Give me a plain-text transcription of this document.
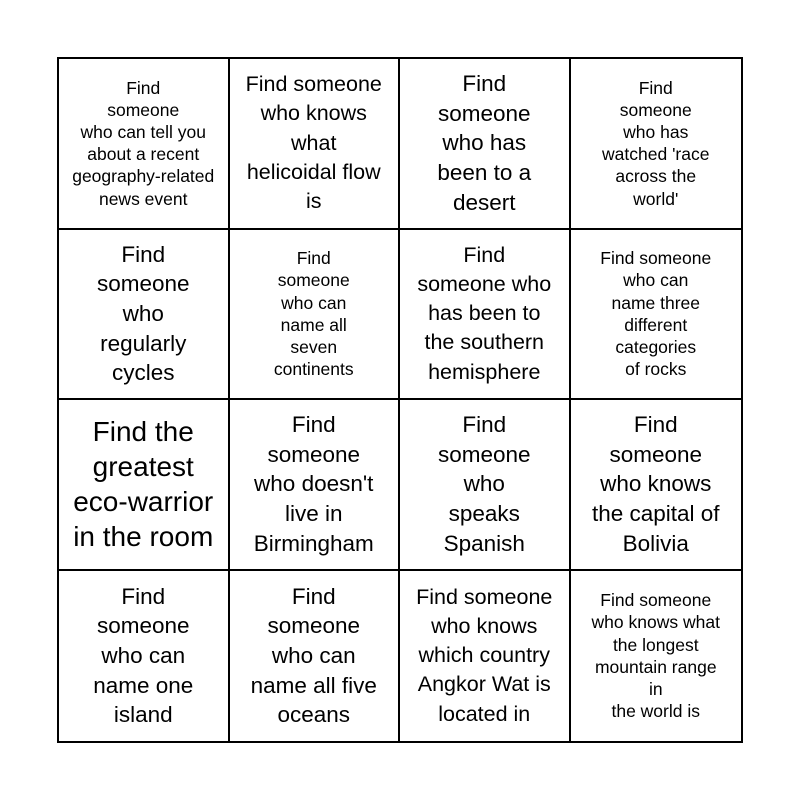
Find
someone
who can tell you
about a recent
geography-related
news event
Find someone
who knows
what
helicoidal flow
is
Find
someone
who has
been to a
desert
Find
someone
who has
watched 'race
across the
world'
Find
someone
who
regularly
cycles
Find
someone
who can
name all
seven
continents
Find
someone who
has been to
the southern
hemisphere
Find someone
who can
name three
different
categories
of rocks
Find the
greatest
eco-warrior
in the room
Find
someone
who doesn't
live in
Birmingham
Find
someone
who
speaks
Spanish
Find
someone
who knows
the capital of
Bolivia
Find
someone
who can
name one
island
Find
someone
who can
name all five
oceans
Find someone
who knows
which country
Angkor Wat is
located in
Find someone
who knows what
the longest
mountain range
in
the world is
